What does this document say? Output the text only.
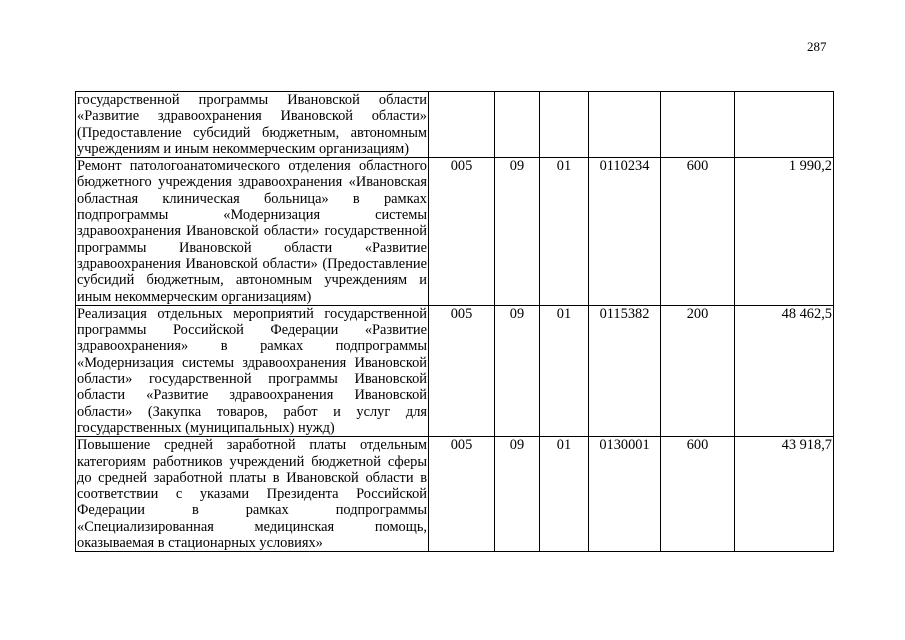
287
государственной программы Ивановской области «Развитие здравоохранения Ивановской области» (Предоставление субсидий бюджетным, автономным учреждениям и иным некоммерческим организациям)						
Ремонт патологоанатомического отделения областного бюджетного учреждения здравоохранения «Ивановская областная клиническая больница» в рамках подпрограммы «Модернизация системы здравоохранения Ивановской области» государственной программы Ивановской области «Развитие здравоохранения Ивановской области» (Предоставление субсидий бюджетным, автономным учреждениям и иным некоммерческим организациям)	005	09	01	0110234	600	1 990,2
Реализация отдельных мероприятий государственной программы Российской Федерации «Развитие здравоохранения» в рамках подпрограммы «Модернизация системы здравоохранения Ивановской области» государственной программы Ивановской области «Развитие здравоохранения Ивановской области» (Закупка товаров, работ и услуг для государственных (муниципальных) нужд)	005	09	01	0115382	200	48 462,5
Повышение средней заработной платы отдельным категориям работников учреждений бюджетной сферы до средней заработной платы в Ивановской области в соответствии с указами Президента Российской Федерации в рамках подпрограммы «Специализированная медицинская помощь, оказываемая в стационарных условиях»	005	09	01	0130001	600	43 918,7
